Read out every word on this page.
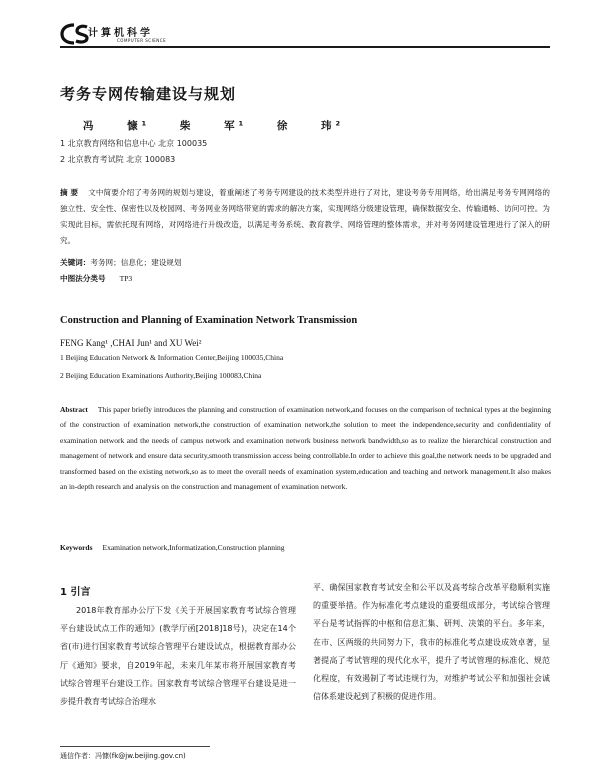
计算机科学
COMPUTER SCIENCE
考务专网传输建设与规划
冯 慷¹ 柴 军¹ 徐 玮²
1 北京教育网络和信息中心 北京 100035
2 北京教育考试院 北京 100083
摘 要 文中简要介绍了考务网的规划与建设，着重阐述了考务专网建设的技术类型并进行了对比，建设考务专用网络，给出满足考务专网网络的独立性、安全性、保密性以及校园网、考务网业务网络带宽的需求的解决方案，实现网络分级建设管理，确保数据安全、传输通畅、访问可控。为实现此目标，需依托现有网络，对网络进行升级改造，以满足考务系统、教育教学、网络管理的整体需求，并对考务网建设管理进行了深入的研究。
关键词：考务网；信息化；建设规划
中图法分类号 TP3
Construction and Planning of Examination Network Transmission
FENG Kang¹ ,CHAI Jun¹ and XU Wei²
1 Beijing Education Network & Information Center,Beijing 100035,China
2 Beijing Education Examinations Authority,Beijing 100083,China
Abstract This paper briefly introduces the planning and construction of examination network,and focuses on the comparison of technical types at the beginning of the construction of examination network,the construction of examination network,the solution to meet the independence,security and confidentiality of examination network and the needs of campus network and examination network business network bandwidth,so as to realize the hierarchical construction and management of network and ensure data security,smooth transmission access being controllable.In order to achieve this goal,the network needs to be upgraded and transformed based on the existing network,so as to meet the overall needs of examination system,education and teaching and network management.It also makes an in-depth research and analysis on the construction and management of examination network.
Keywords Examination network,Informatization,Construction planning
1 引言
2018年教育部办公厅下发《关于开展国家教育考试综合管理平台建设试点工作的通知》(教学厅函[2018]18号)，决定在14个省(市)进行国家教育考试综合管理平台建设试点，根据教育部办公厅《通知》要求，自2019年起，未来几年某市将开展国家教育考试综合管理平台建设工作。国家教育考试综合管理平台建设是进一步提升教育考试综合治理水
平、确保国家教育考试安全和公平以及高考综合改革平稳顺利实施的重要举措。作为标准化考点建设的重要组成部分，考试综合管理平台是考试指挥的中枢和信息汇集、研判、决策的平台。多年来，在市、区两级的共同努力下，我市的标准化考点建设成效卓著，显著提高了考试管理的现代化水平，提升了考试管理的标准化、规范化程度，有效遏制了考试违规行为，对维护考试公平和加强社会诚信体系建设起到了积极的促进作用。
通信作者：冯慷(fk@jw.beijing.gov.cn)
